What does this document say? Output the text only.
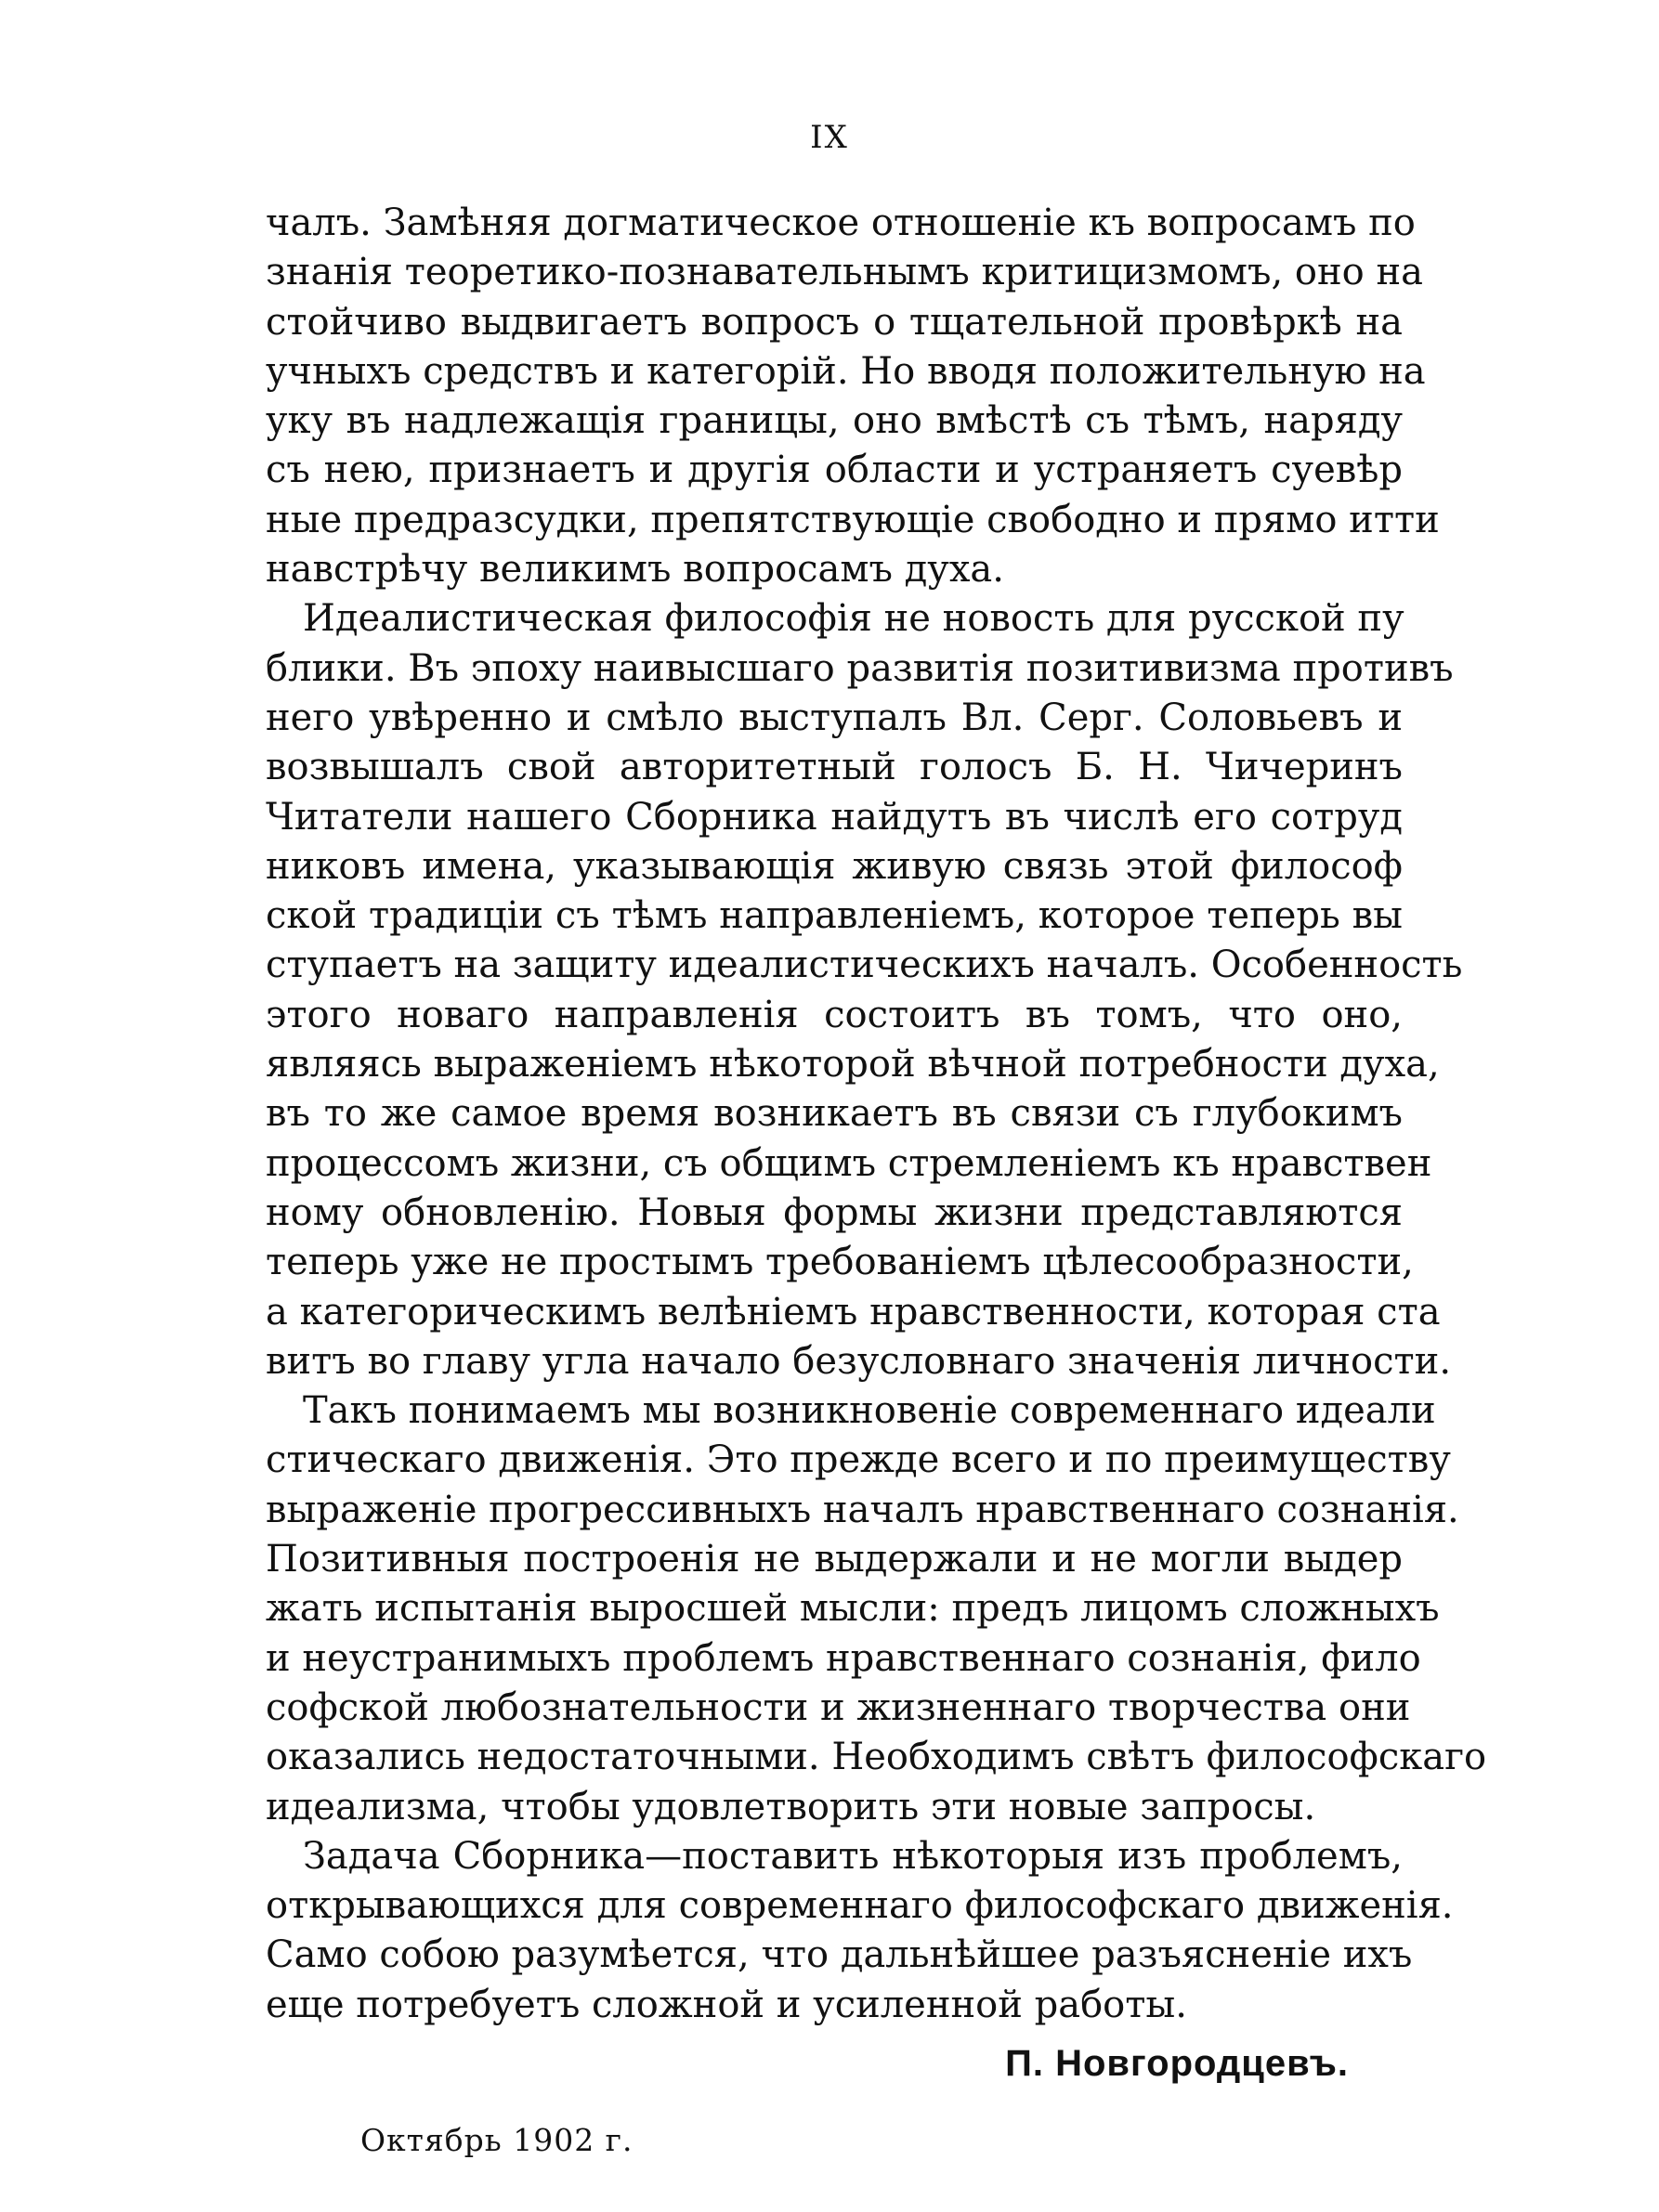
IX
чалъ. Замѣняя догматическое отношеніе къ вопросамъ по
знанія теоретико-познавательнымъ критицизмомъ, оно на
стойчиво выдвигаетъ вопросъ о тщательной провѣркѣ на
учныхъ средствъ и категорій. Но вводя положительную на
уку въ надлежащія границы, оно вмѣстѣ съ тѣмъ, наряду
съ нею, признаетъ и другія области и устраняетъ суевѣр
ные предразсудки, препятствующіе свободно и прямо итти
навстрѣчу великимъ вопросамъ духа.
Идеалистическая философія не новость для русской пу
блики. Въ эпоху наивысшаго развитія позитивизма противъ
него увѣренно и смѣло выступалъ Вл. Серг. Соловьевъ и
возвышалъ свой авторитетный голосъ Б. Н. Чичеринъ
Читатели нашего Сборника найдутъ въ числѣ его сотруд
никовъ имена, указывающія живую связь этой философ
ской традиціи съ тѣмъ направленіемъ, которое теперь вы
ступаетъ на защиту идеалистическихъ началъ. Особенность
этого новаго направленія состоитъ въ томъ, что оно,
являясь выраженіемъ нѣкоторой вѣчной потребности духа,
въ то же самое время возникаетъ въ связи съ глубокимъ
процессомъ жизни, съ общимъ стремленіемъ къ нравствен
ному обновленію. Новыя формы жизни представляются
теперь уже не простымъ требованіемъ цѣлесообразности,
а категорическимъ велѣніемъ нравственности, которая ста
витъ во главу угла начало безусловнаго значенія личности.
Такъ понимаемъ мы возникновеніе современнаго идеали
стическаго движенія. Это прежде всего и по преимуществу
выраженіе прогрессивныхъ началъ нравственнаго сознанія.
Позитивныя построенія не выдержали и не могли выдер
жать испытанія выросшей мысли: предъ лицомъ сложныхъ
и неустранимыхъ проблемъ нравственнаго сознанія, фило
софской любознательности и жизненнаго творчества они
оказались недостаточными. Необходимъ свѣтъ философскаго
идеализма, чтобы удовлетворить эти новые запросы.
Задача Сборника—поставить нѣкоторыя изъ проблемъ,
открывающихся для современнаго философскаго движенія.
Само собою разумѣется, что дальнѣйшее разъясненіе ихъ
еще потребуетъ сложной и усиленной работы.
П. Новгородцевъ.
Октябрь 1902 г.
